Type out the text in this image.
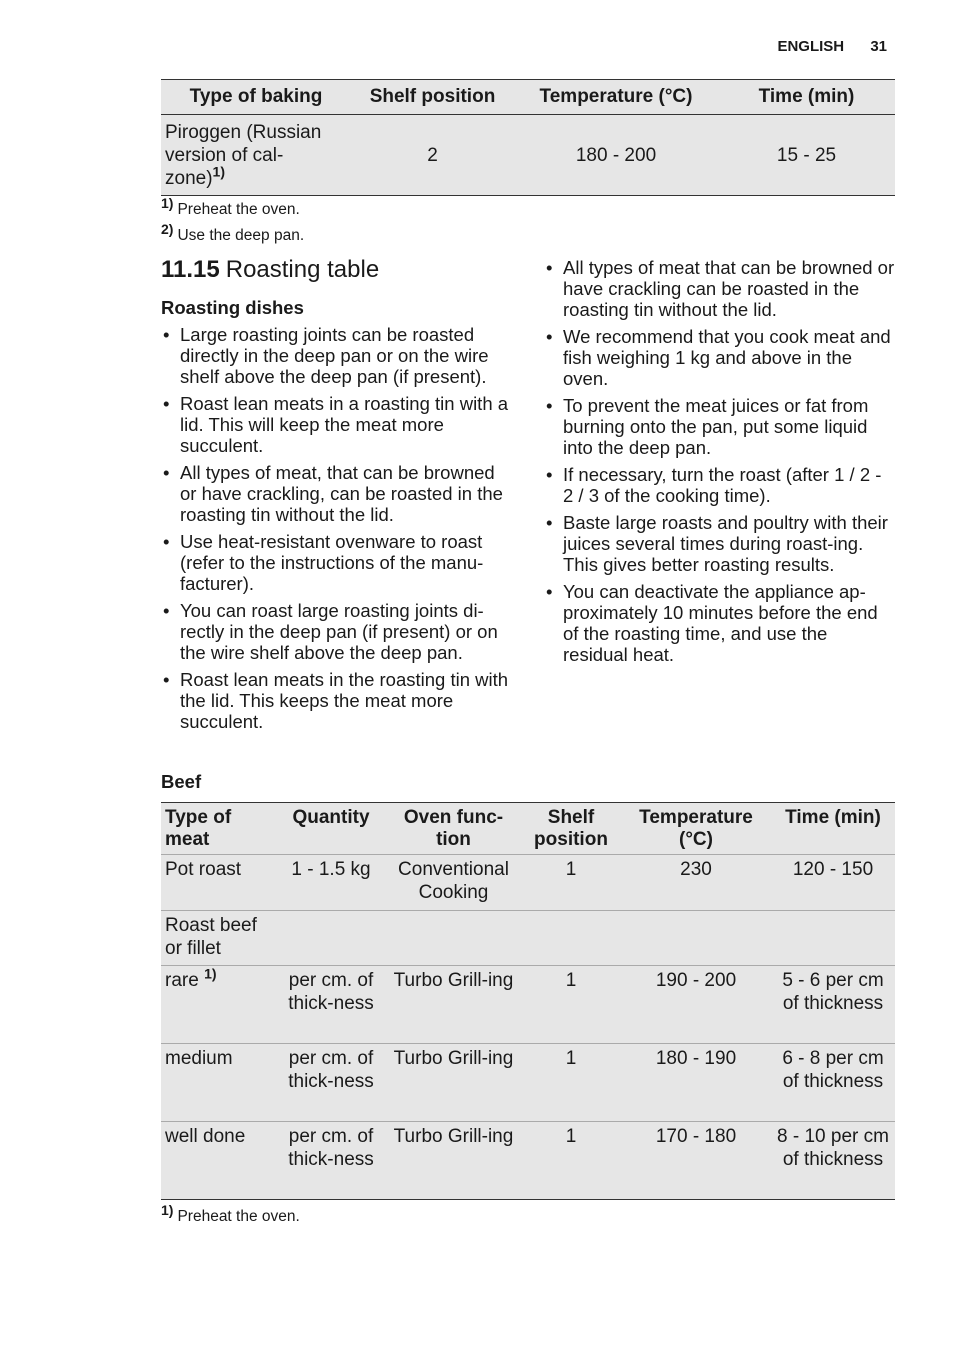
ENGLISH 31
Type of baking	Shelf position	Temperature (°C)	Time (min)
Piroggen (Russian
version of cal-
zone)$^{1)}$	2	180 - 200	15 - 25
$^{1)}$ Preheat the oven.
$^{2)}$ Use the deep pan.
11.15 Roasting table
Roasting dishes
• Large roasting joints can be roasted directly in the deep pan or on the wire shelf above the deep pan (if present).
• Roast lean meats in a roasting tin with a lid. This will keep the meat more succulent.
• All types of meat, that can be browned or have crackling, can be roasted in the roasting tin without the lid.
• Use heat-resistant ovenware to roast (refer to the instructions of the manu-facturer).
• You can roast large roasting joints di-rectly in the deep pan (if present) or on the wire shelf above the deep pan.
• Roast lean meats in the roasting tin with the lid. This keeps the meat more succulent.
• All types of meat that can be browned or have crackling can be roasted in the roasting tin without the lid.
• We recommend that you cook meat and fish weighing 1 kg and above in the oven.
• To prevent the meat juices or fat from burning onto the pan, put some liquid into the deep pan.
• If necessary, turn the roast (after 1 / 2 - 2 / 3 of the cooking time).
• Baste large roasts and poultry with their juices several times during roast-ing. This gives better roasting results.
• You can deactivate the appliance ap-proximately 10 minutes before the end of the roasting time, and use the residual heat.
Beef
Type of meat	Quantity	Oven func-tion	Shelf position	Temperature (°C)	Time (min)
Pot roast	1 - 1.5 kg	Conventional Cooking	1	230	120 - 150
Roast beef or fillet					
rare $^{1)}$	per cm. of thick-ness	Turbo Grill-ing	1	190 - 200	5 - 6 per cm of thickness
medium	per cm. of thick-ness	Turbo Grill-ing	1	180 - 190	6 - 8 per cm of thickness
well done	per cm. of thick-ness	Turbo Grill-ing	1	170 - 180	8 - 10 per cm of thickness
$^{1)}$ Preheat the oven.
